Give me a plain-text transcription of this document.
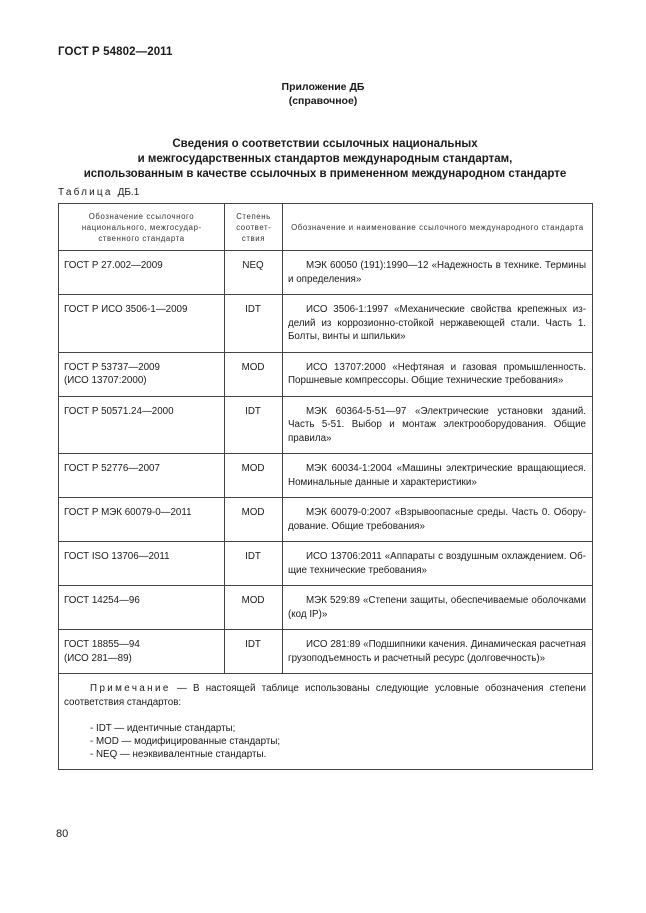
ГОСТ Р 54802—2011
Приложение ДБ
(справочное)
Сведения о соответствии ссылочных национальных
и межгосударственных стандартов международным стандартам,
использованным в качестве ссылочных в примененном международном стандарте
Таблица ДБ.1
Обозначение ссылочного национального, межгосударственного стандарта	Степень соответствия	Обозначение и наименование ссылочного международного стандарта
ГОСТ Р 27.002—2009	NEQ	МЭК 60050 (191):1990—12 «Надежность в технике. Термины и определения»

ГОСТ Р ИСО 3506-1—2009	IDT	ИСО 3506-1:1997 «Механические свойства крепежных изделий из коррозионно-стойкой нержавеющей стали. Часть 1. Болты, винты и шпильки»

ГОСТ Р 53737—2009
(ИСО 13707:2000)	MOD	ИСО 13707:2000 «Нефтяная и газовая промышленность. Поршневые компрессоры. Общие технические требования»

ГОСТ Р 50571.24—2000	IDT	МЭК 60364-5-51—97 «Электрические установки зданий. Часть 5-51. Выбор и монтаж электрооборудования. Общие правила»

ГОСТ Р 52776—2007	MOD	МЭК 60034-1:2004 «Машины электрические вращающиеся. Номинальные данные и характеристики»

ГОСТ Р МЭК 60079-0—2011	MOD	МЭК 60079-0:2007 «Взрывоопасные среды. Часть 0. Оборудование. Общие требования»

ГОСТ ISO 13706—2011	IDT	ИСО 13706:2011 «Аппараты с воздушным охлаждением. Общие технические требования»

ГОСТ 14254—96	MOD	МЭК 529:89 «Степени защиты, обеспечиваемые оболочками (код IP)»

ГОСТ 18855—94
(ИСО 281—89)	IDT	ИСО 281:89 «Подшипники качения. Динамическая расчетная грузоподъемность и расчетный ресурс (долговечность)»

Примечание — В настоящей таблице использованы следующие условные обозначения степени соответствия стандартов:
- IDT — идентичные стандарты;
- MOD — модифицированные стандарты;
- NEQ — неэквивалентные стандарты.		
80
